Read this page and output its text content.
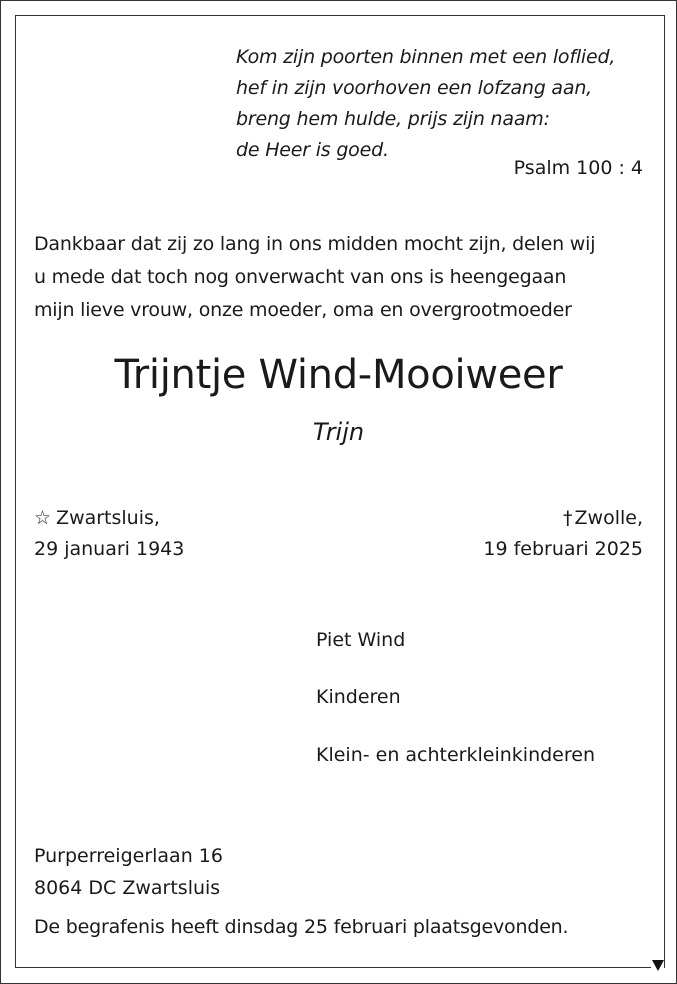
Kom zijn poorten binnen met een loflied,
hef in zijn voorhoven een lofzang aan,
breng hem hulde, prijs zijn naam:
de Heer is goed.
Psalm 100 : 4
Dankbaar dat zij zo lang in ons midden mocht zijn, delen wij
u mede dat toch nog onverwacht van ons is heengegaan
mijn lieve vrouw, onze moeder, oma en overgrootmoeder
Trijntje Wind-Mooiweer
Trijn
☆ Zwartsluis,
29 januari 1943
† Zwolle,
19 februari 2025
Piet Wind
Kinderen
Klein- en achterkleinkinderen
Purperreigerlaan 16
8064 DC Zwartsluis
De begrafenis heeft dinsdag 25 februari plaatsgevonden.
